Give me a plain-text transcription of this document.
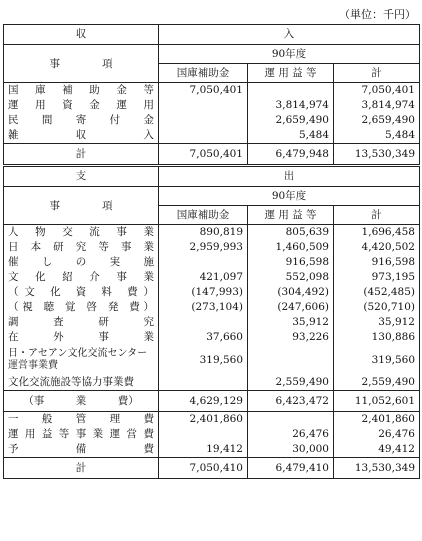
（単位：千円）
収	入		
事　　　　項	90年度		
	国庫補助金	運 用 益 等	計
国 庫 補 助 金 等	7,050,401		7,050,401
運 用 資 金 運 用		3,814,974	3,814,974
民 間 寄 付 金		2,659,490	2,659,490
雑　　　収　　　入		5,484	5,484
計	7,050,401	6,479,948	13,530,349
支	出		
事　　　　項	90年度		
	国庫補助金	運 用 益 等	計
人 物 交 流 事 業	890,819	805,639	1,696,458
日 本 研 究 等 事 業	2,959,993	1,460,509	4,420,502
催 し の 実 施		916,598	916,598
文 化 紹 介 事 業	421,097	552,098	973,195
（文 化 資 料 費）	(147,993)	(304,492)	(452,485)
（視 聴 覚 啓 発 費）	(273,104)	(247,606)	(520,710)
調 査 研 究		35,912	35,912
在 外 事 業	37,660	93,226	130,886
日・アセアン文化交流センター運営事業費	319,560		319,560
文化交流施設等協力事業費		2,559,490	2,559,490
（事　　　業　　　費）	4,629,129	6,423,472	11,052,601
一 般 管 理 費	2,401,860		2,401,860
運用益等事業運営費		26,476	26,476
予　　　備　　　費	19,412	30,000	49,412
計	7,050,410	6,479,410	13,530,349
